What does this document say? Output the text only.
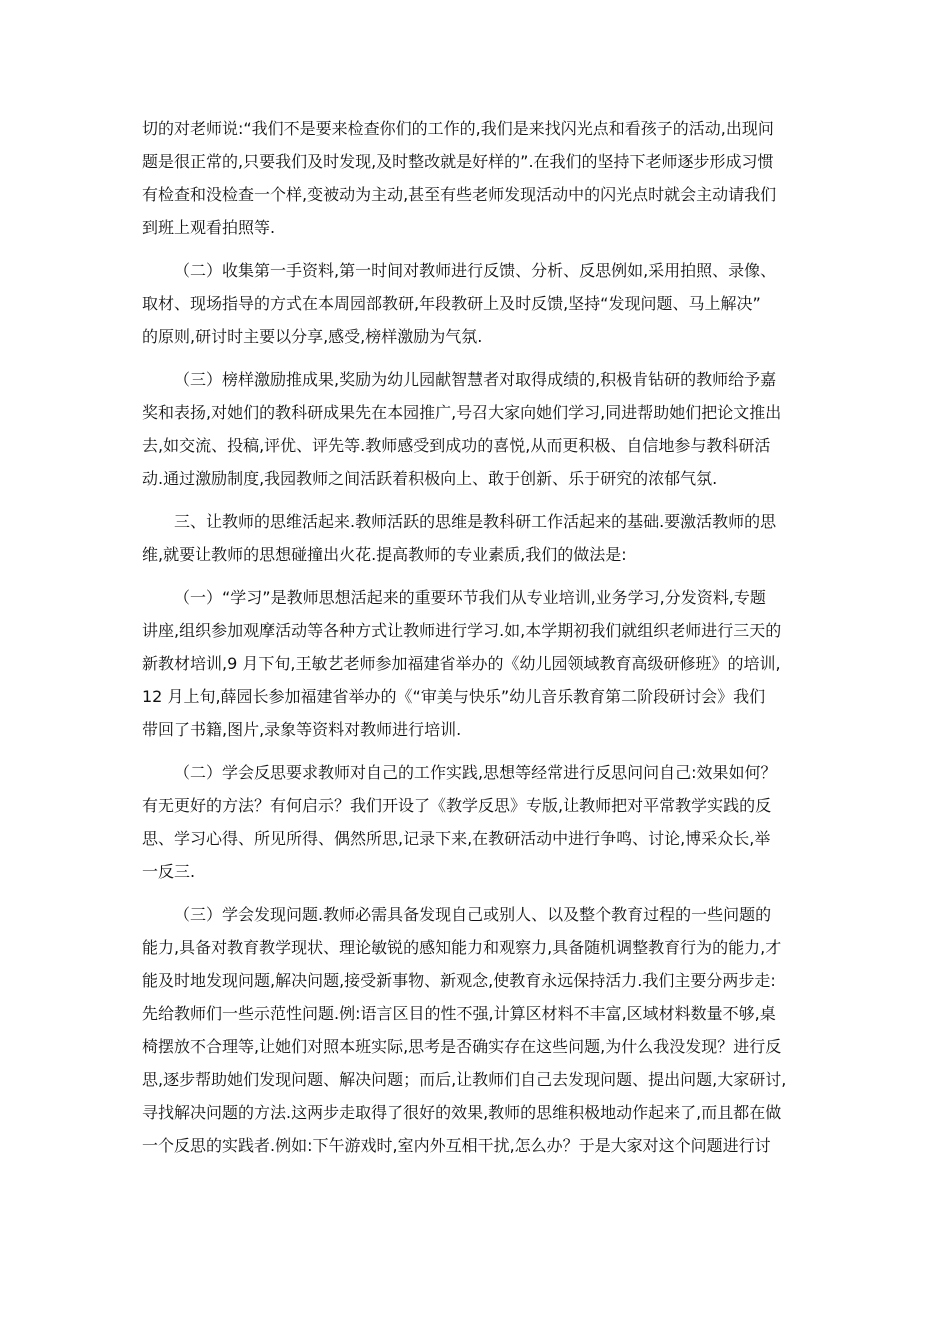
切的对老师说:“我们不是要来检查你们的工作的,我们是来找闪光点和看孩子的活动,出现问
题是很正常的,只要我们及时发现,及时整改就是好样的”.在我们的坚持下老师逐步形成习惯
有检查和没检查一个样,变被动为主动,甚至有些老师发现活动中的闪光点时就会主动请我们
到班上观看拍照等.
（二）收集第一手资料,第一时间对教师进行反馈、分析、反思例如,采用拍照、录像、
取材、现场指导的方式在本周园部教研,年段教研上及时反馈,坚持“发现问题、马上解决”
的原则,研讨时主要以分享,感受,榜样激励为气氛.
（三）榜样激励推成果,奖励为幼儿园献智慧者对取得成绩的,积极肯钻研的教师给予嘉
奖和表扬,对她们的教科研成果先在本园推广,号召大家向她们学习,同进帮助她们把论文推出
去,如交流、投稿,评优、评先等.教师感受到成功的喜悦,从而更积极、自信地参与教科研活
动.通过激励制度,我园教师之间活跃着积极向上、敢于创新、乐于研究的浓郁气氛.
三、让教师的思维活起来.教师活跃的思维是教科研工作活起来的基础.要激活教师的思
维,就要让教师的思想碰撞出火花.提高教师的专业素质,我们的做法是:
（一）“学习”是教师思想活起来的重要环节我们从专业培训,业务学习,分发资料,专题
讲座,组织参加观摩活动等各种方式让教师进行学习.如,本学期初我们就组织老师进行三天的
新教材培训,9 月下旬,王敏艺老师参加福建省举办的《幼儿园领域教育高级研修班》的培训,
12 月上旬,薛园长参加福建省举办的《“审美与快乐”幼儿音乐教育第二阶段研讨会》我们
带回了书籍,图片,录象等资料对教师进行培训.
（二）学会反思要求教师对自己的工作实践,思想等经常进行反思问问自己:效果如何？
有无更好的方法？有何启示？我们开设了《教学反思》专版,让教师把对平常教学实践的反
思、学习心得、所见所得、偶然所思,记录下来,在教研活动中进行争鸣、讨论,博采众长,举
一反三.
（三）学会发现问题.教师必需具备发现自己或别人、以及整个教育过程的一些问题的
能力,具备对教育教学现状、理论敏锐的感知能力和观察力,具备随机调整教育行为的能力,才
能及时地发现问题,解决问题,接受新事物、新观念,使教育永远保持活力.我们主要分两步走:
先给教师们一些示范性问题.例:语言区目的性不强,计算区材料不丰富,区域材料数量不够,桌
椅摆放不合理等,让她们对照本班实际,思考是否确实存在这些问题,为什么我没发现？进行反
思,逐步帮助她们发现问题、解决问题；而后,让教师们自己去发现问题、提出问题,大家研讨,
寻找解决问题的方法.这两步走取得了很好的效果,教师的思维积极地动作起来了,而且都在做
一个反思的实践者.例如:下午游戏时,室内外互相干扰,怎么办？于是大家对这个问题进行讨
